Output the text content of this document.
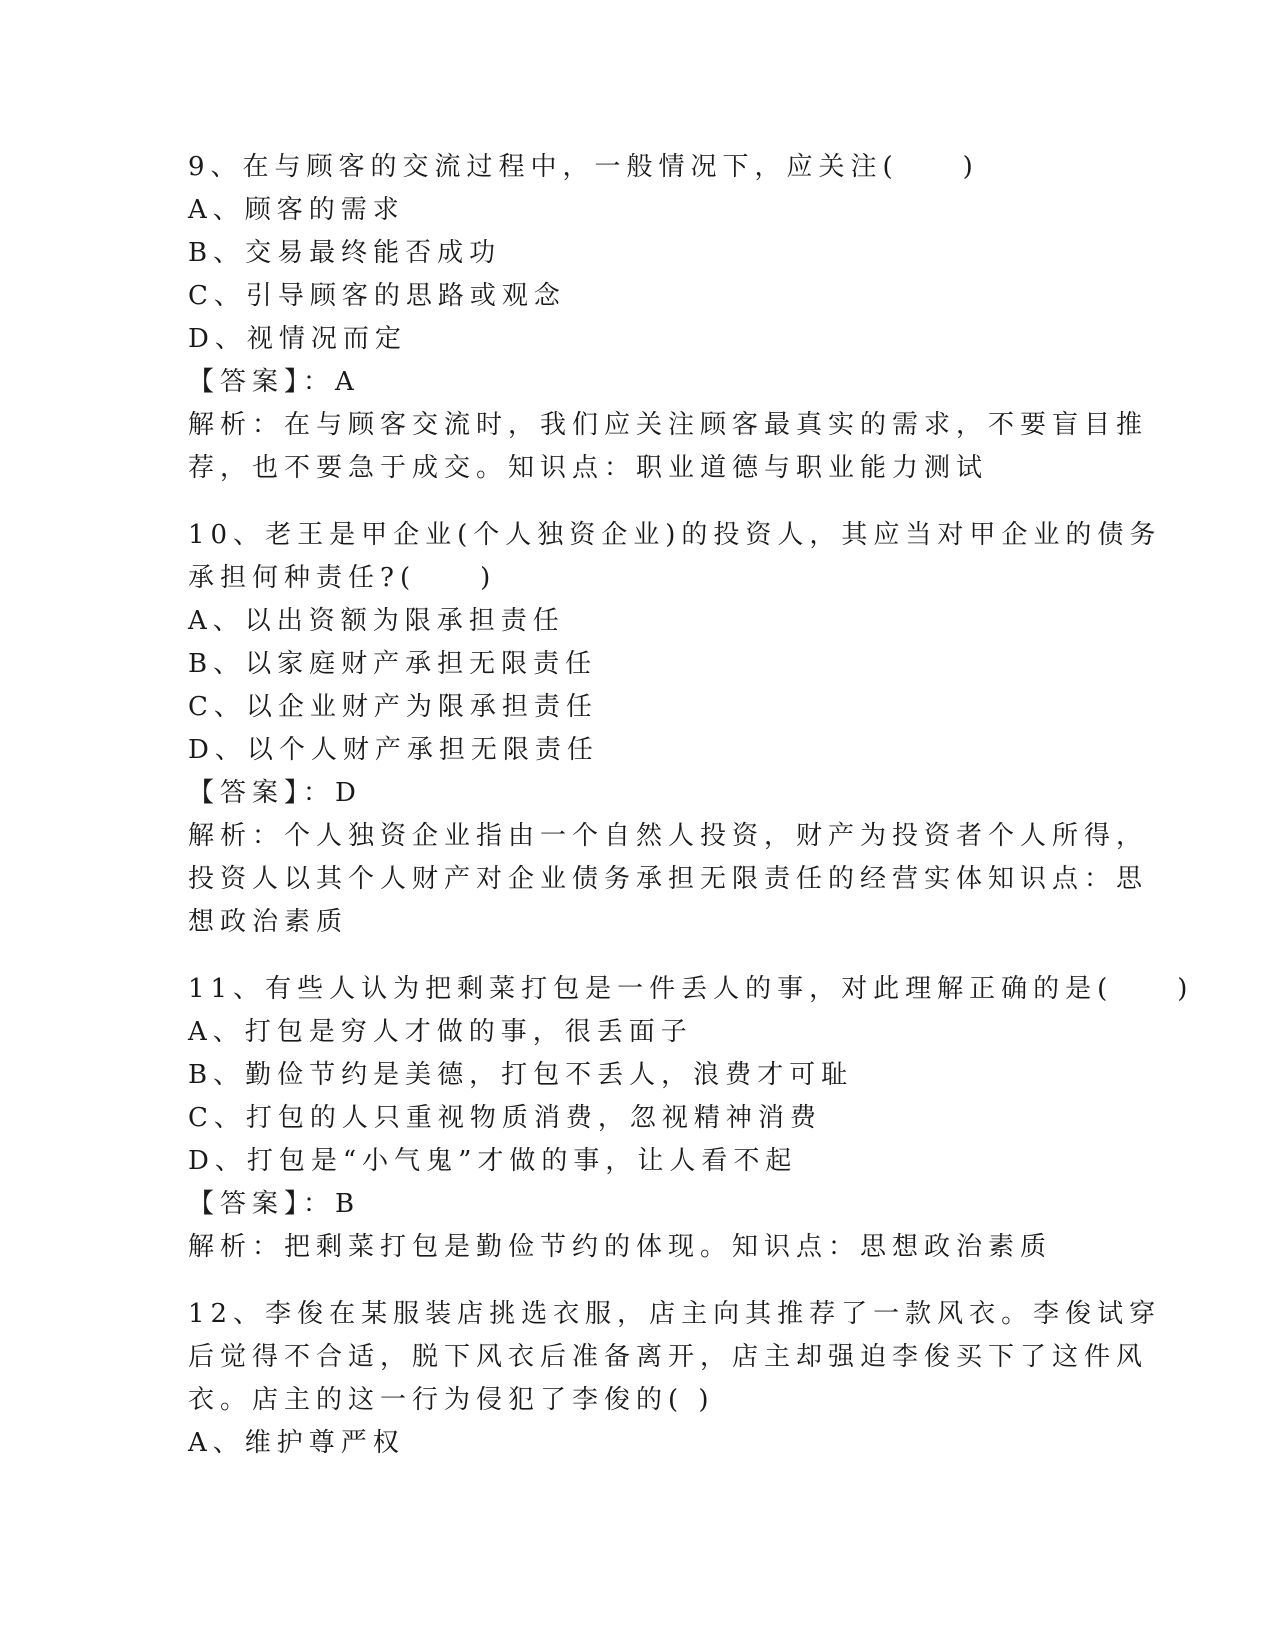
9、在与顾客的交流过程中，一般情况下，应关注(　　)

A、顾客的需求

B、交易最终能否成功

C、引导顾客的思路或观念

D、视情况而定

【答案】：A

解析：在与顾客交流时，我们应关注顾客最真实的需求，不要盲目推

荐，也不要急于成交。知识点：职业道德与职业能力测试

10、老王是甲企业(个人独资企业)的投资人，其应当对甲企业的债务

承担何种责任?(　　)

A、以出资额为限承担责任

B、以家庭财产承担无限责任

C、以企业财产为限承担责任

D、以个人财产承担无限责任

【答案】：D

解析：个人独资企业指由一个自然人投资，财产为投资者个人所得，

投资人以其个人财产对企业债务承担无限责任的经营实体知识点：思

想政治素质

11、有些人认为把剩菜打包是一件丢人的事，对此理解正确的是(　　)

A、打包是穷人才做的事，很丢面子

B、勤俭节约是美德，打包不丢人，浪费才可耻

C、打包的人只重视物质消费，忽视精神消费

D、打包是“小气鬼”才做的事，让人看不起

【答案】：B

解析：把剩菜打包是勤俭节约的体现。知识点：思想政治素质

12、李俊在某服装店挑选衣服，店主向其推荐了一款风衣。李俊试穿

后觉得不合适，脱下风衣后准备离开，店主却强迫李俊买下了这件风

衣。店主的这一行为侵犯了李俊的( )

A、维护尊严权
